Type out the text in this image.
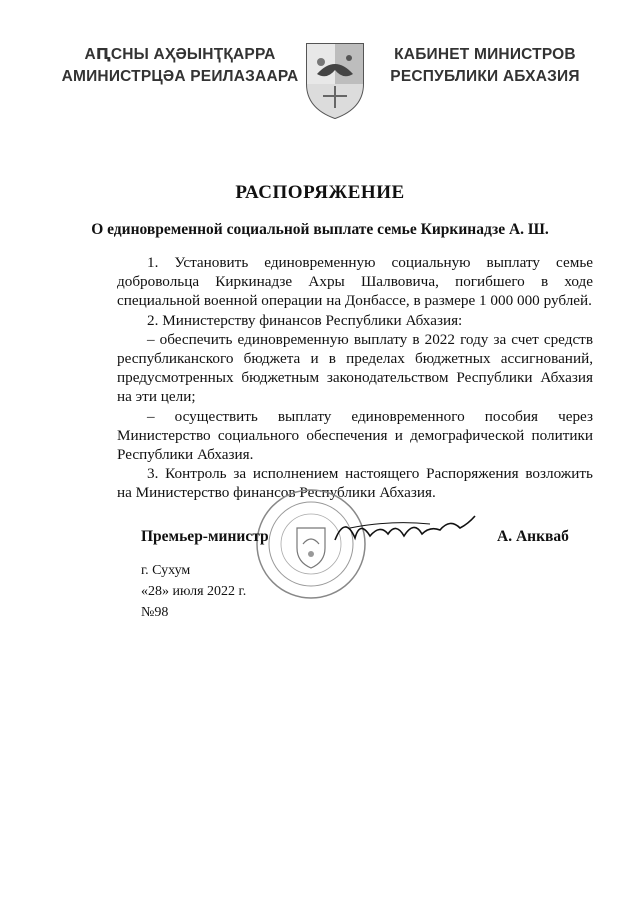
АԤСНЫ АҲӘЫНҬҚАРРА
АМИНИСТРЦӘА РЕИЛАЗААРА
КАБИНЕТ МИНИСТРОВ
РЕСПУБЛИКИ АБХАЗИЯ
РАСПОРЯЖЕНИЕ
О единовременной социальной выплате семье Киркинадзе А. Ш.

1. Установить единовременную социальную выплату семье добровольца Киркинадзе Ахры Шалвовича, погибшего в ходе специальной военной операции на Донбассе, в размере 1 000 000 рублей.

2. Министерству финансов Республики Абхазия:

– обеспечить единовременную выплату в 2022 году за счет средств республиканского бюджета и в пределах бюджетных ассигнований, предусмотренных бюджетным законодательством Республики Абхазия на эти цели;

– осуществить выплату единовременного пособия через Министерство социального обеспечения и демографической политики Республики Абхазия.

3. Контроль за исполнением настоящего Распоряжения возложить на Министерство финансов Республики Абхазия.

Премьер-министр	А. Анкваб
г. Сухум
«28» июля 2022 г.
№98
